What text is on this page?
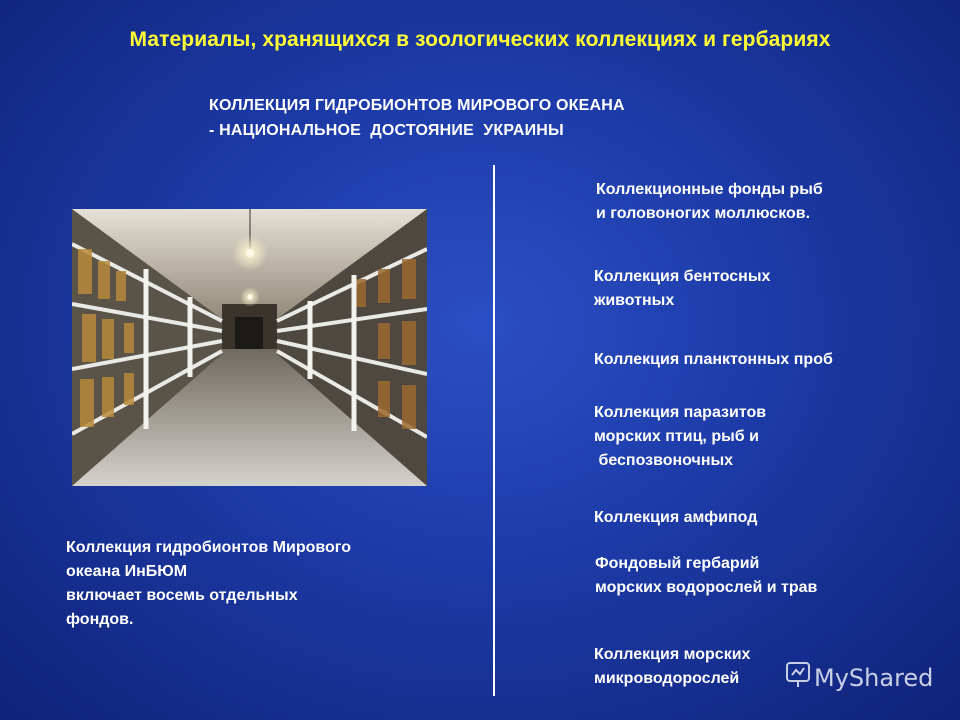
Материалы, хранящихся в зоологических коллекциях и гербариях
КОЛЛЕКЦИЯ ГИДРОБИОНТОВ МИРОВОГО ОКЕАНА
- НАЦИОНАЛЬНОЕ  ДОСТОЯНИЕ  УКРАИНЫ
Коллекция гидробионтов Мирового
океана ИнБЮМ
включает восемь отдельных
фондов.
Коллекционные фонды рыб
и головоногих моллюсков.
Коллекция бентосных
животных
Коллекция планктонных проб
Коллекция паразитов
морских птиц, рыб и
беспозвоночных
Коллекция амфипод
Фондовый гербарий
морских водорослей и трав
Коллекция морских
микроводорослей	MyShared
